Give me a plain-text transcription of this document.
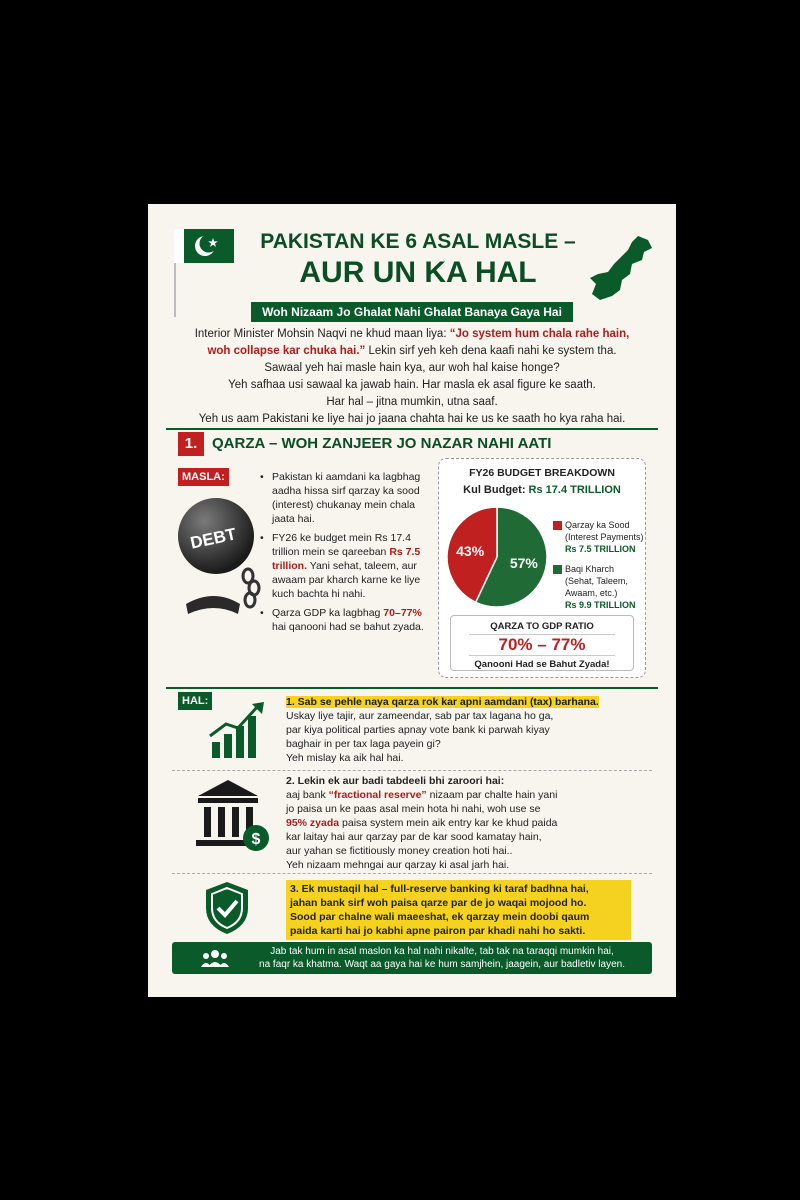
PAKISTAN KE 6 ASAL MASLE –
AUR UN KA HAL
Woh Nizaam Jo Ghalat Nahi Ghalat Banaya Gaya Hai

Interior Minister Mohsin Naqvi ne khud maan liya: “Jo system hum chala rahe hain,

woh collapse kar chuka hai.” Lekin sirf yeh keh dena kaafi nahi ke system tha.

Sawaal yeh hai masle hain kya, aur woh hal kaise honge?

Yeh safhaa usi sawaal ka jawab hain. Har masla ek asal figure ke saath.

Har hal – jitna mumkin, utna saaf.

Yeh us aam Pakistani ke liye hai jo jaana chahta hai ke us ke saath ho kya raha hai.

1. QARZA – WOH ZANJEER JO NAZAR NAHI AATI
MASLA:
DEBT
• Pakistan ki aamdani ka lagbhag aadha hissa sirf qarzay ka sood (interest) chukanay mein chala jaata hai.
• FY26 ke budget mein Rs 17.4 trillion mein se qareeban Rs 7.5 trillion. Yani sehat, taleem, aur awaam par kharch karne ke liye kuch bachta hi nahi.
• Qarza GDP ka lagbhag 70–77% hai qanooni had se bahut zyada.
FY26 BUDGET BREAKDOWN
Kul Budget: Rs 17.4 TRILLION
57%
43%
Qarzay ka Sood
(Interest Payments)
Rs 7.5 TRILLION
Baqi Kharch
(Sehat, Taleem,
Awaam, etc.)
Rs 9.9 TRILLION
QARZA TO GDP RATIO
70% – 77%
Qanooni Had se Bahut Zyada!
HAL:	1. Sab se pehle naya qarza rok kar apni aamdani (tax) barhana.

Uskay liye tajir, aur zameendar, sab par tax lagana ho ga,

par kiya political parties apnay vote bank ki parwah kiyay

baghair in per tax laga payein gi?

Yeh mislay ka aik hal hai.

$

2. Lekin ek aur badi tabdeeli bhi zaroori hai:

aaj bank “fractional reserve” nizaam par chalte hain yani

jo paisa un ke paas asal mein hota hi nahi, woh use se

95% zyada paisa system mein aik entry kar ke khud paida

kar laitay hai aur qarzay par de kar sood kamatay hain,

aur yahan se fictitiously money creation hoti hai..

Yeh nizaam mehngai aur qarzay ki asal jarh hai.

3. Ek mustaqil hal – full-reserve banking ki taraf badhna hai,

jahan bank sirf woh paisa qarze par de jo waqai mojood ho.

Sood par chalne wali maeeshat, ek qarzay mein doobi qaum

paida karti hai jo kabhi apne pairon par khadi nahi ho sakti.

Jab tak hum in asal maslon ka hal nahi nikalte, tab tak na taraqqi mumkin hai,
na faqr ka khatma. Waqt aa gaya hai ke hum samjhein, jaagein, aur badletiv layen.
